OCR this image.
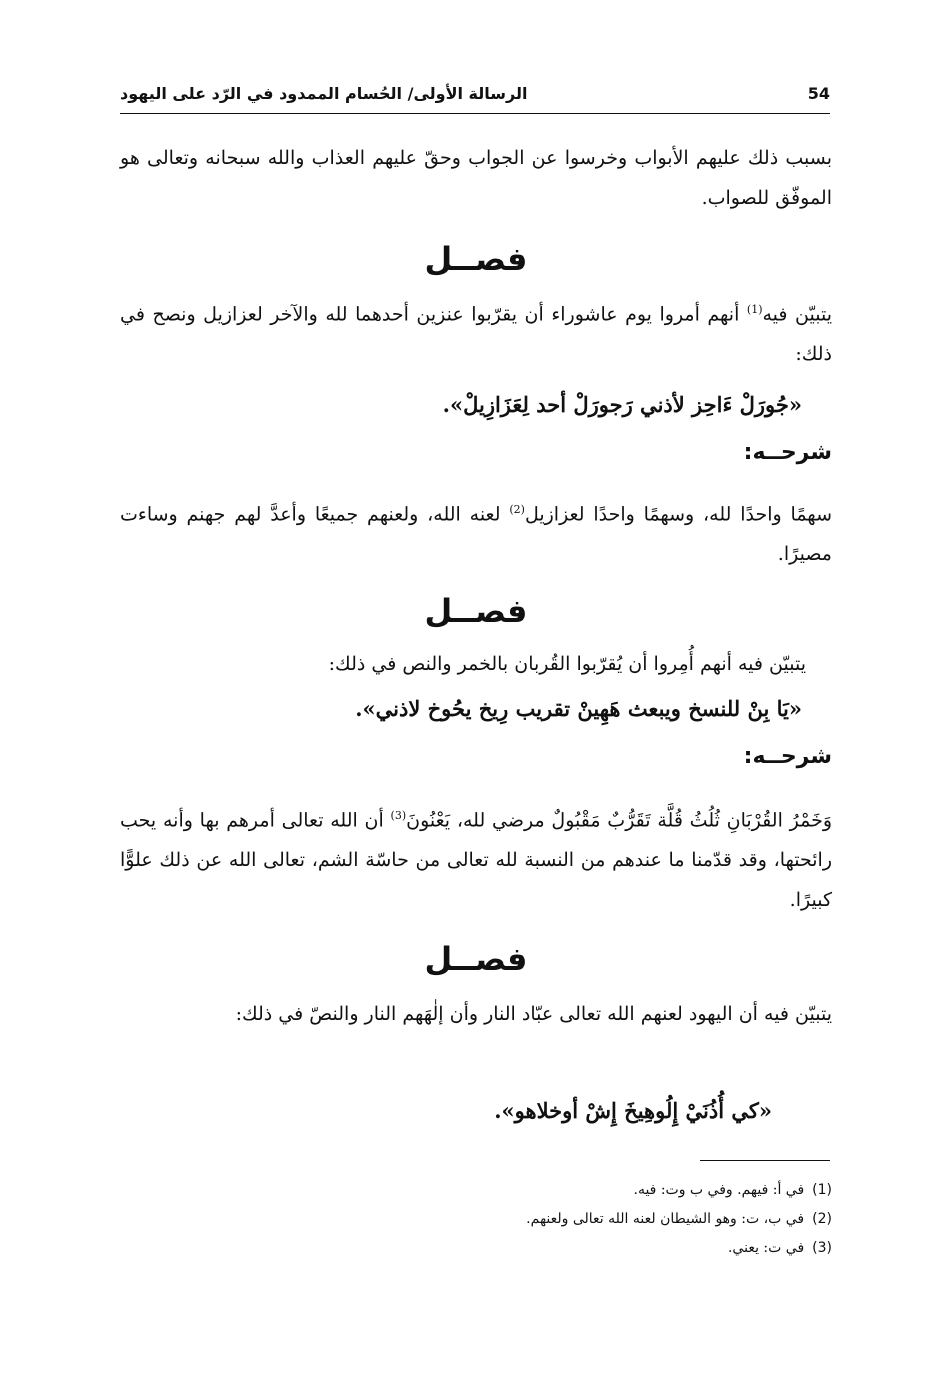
54
الرسالة الأولى/ الحُسام الممدود في الرّد على اليهود
بسبب ذلك عليهم الأبواب وخرسوا عن الجواب وحقّ عليهم العذاب والله سبحانه وتعالى هو الموفّق للصواب.
فصــل
يتبيّن فيه$^{(1)}$ أنهم أمروا يوم عاشوراء أن يقرّبوا عنزين أحدهما لله والآخر لعزازيل ونصح في ذلك:
«جُورَلْ ءَاحِز لأذني رَجورَلْ أحد لِعَزَازِيلْ».
شرحــه:
سهمًا واحدًا لله، وسهمًا واحدًا لعزازيل$^{(2)}$ لعنه الله، ولعنهم جميعًا وأعدَّ لهم جهنم وساءت مصيرًا.
فصــل
يتبيّن فيه أنهم أُمِروا أن يُقرّبوا القُربان بالخمر والنص في ذلك:
«يَا بِنْ للنسخ ويبعث هَهِينْ تقريب رِيخ يحُوخ لاذني».
شرحــه:
وَخَمْرُ القُرْبَانِ ثُلُثُ قُلَّة تَقَرُّبٌ مَقْبُولٌ مرضي لله، يَعْنُونَ$^{(3)}$ أن الله تعالى أمرهم بها وأنه يحب رائحتها، وقد قدّمنا ما عندهم من النسبة لله تعالى من حاسّة الشم، تعالى الله عن ذلك علوًّا كبيرًا.
فصــل
يتبيّن فيه أن اليهود لعنهم الله تعالى عبّاد النار وأن إلٰهَهم النار والنصّ في ذلك:
«كي أُذُنَيْ إِلُوهِيخَ إِشْ أوخلاهو».
(1)في أ: فيهم. وفي ب وت: فيه.
(2)في ب، ت: وهو الشيطان لعنه الله تعالى ولعنهم.
(3)في ت: يعني.
